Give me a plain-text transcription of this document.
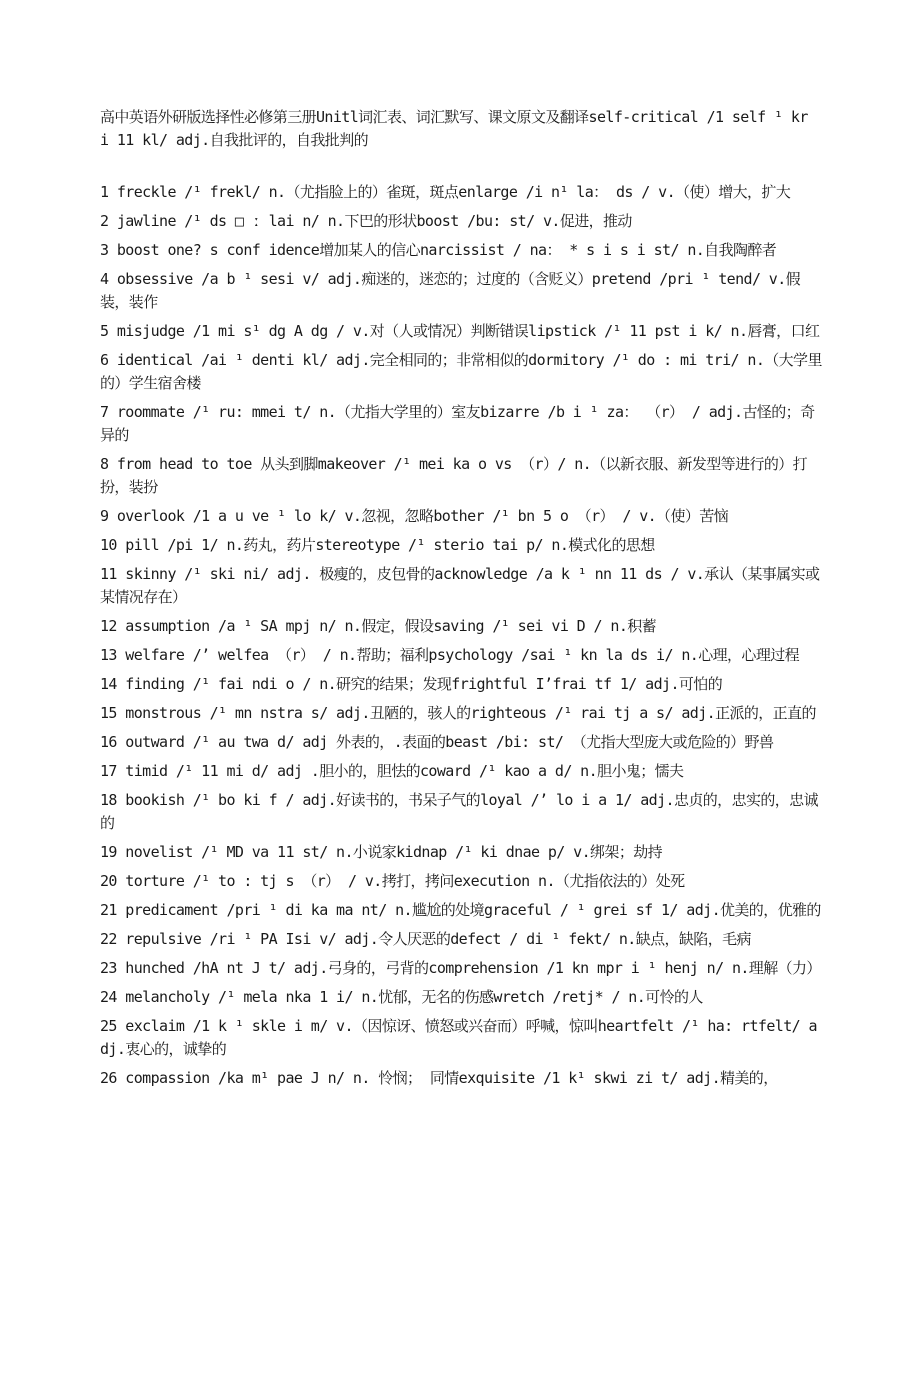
高中英语外研版选择性必修第三册Unitl词汇表、词汇默写、课文原文及翻译self-critical /1 self ¹ kr i 11 kl/ adj.自我批评的，自我批判的

1 freckle /¹ frekl/ n.（尤指脸上的）雀斑，斑点enlarge /i n¹ la： ds / v.（使）增大，扩大

2 jawline /¹ ds □ ː lai n/ n.下巴的形状boost /bu: st/ v.促进，推动

3 boost one? s conf idence增加某人的信心narcissist / na： * s i s i st/ n.自我陶醉者

4 obsessive /a b ¹ sesi v/ adj.痴迷的，迷恋的；过度的（含贬义）pretend /pri ¹ tend/ v.假装，装作

5 misjudge /1 mi s¹ dg A dg / v.对（人或情况）判断错误lipstick /¹ 11 pst i k/ n.唇膏，口红

6 identical /ai ¹ denti kl/ adj.完全相同的；非常相似的dormitory /¹ do : mi tri/ n.（大学里的）学生宿舍楼

7 roommate /¹ ru: mmei t/ n.（尤指大学里的）室友bizarre /b i ¹ za： （r） / adj.古怪的；奇异的

8 from head to toe 从头到脚makeover /¹ mei ka o vs （r）/ n.（以新衣服、新发型等进行的）打扮，装扮

9 overlook /1 a u ve ¹ lo k/ v.忽视，忽略bother /¹ bn 5 o （r） / v.（使）苦恼

10 pill /pi 1/ n.药丸，药片stereotype /¹ sterio tai p/ n.模式化的思想

11 skinny /¹ ski ni/ adj. 极瘦的，皮包骨的acknowledge /a k ¹ nn 11 ds / v.承认（某事属实或某情况存在）

12 assumption /a ¹ SA mpj n/ n.假定，假设saving /¹ sei vi D / n.积蓄

13 welfare /’ welfea （r） / n.帮助；福利psychology /sai ¹ kn la ds i/ n.心理，心理过程

14 finding /¹ fai ndi o / n.研究的结果；发现frightful I’frai tf 1/ adj.可怕的

15 monstrous /¹ mn nstra s/ adj.丑陋的，骇人的righteous /¹ rai tj a s/ adj.正派的，正直的

16 outward /¹ au twa d/ adj 外表的，.表面的beast /bi: st/ （尤指大型庞大或危险的）野兽

17 timid /¹ 11 mi d/ adj .胆小的，胆怯的coward /¹ kao a d/ n.胆小鬼；懦夫

18 bookish /¹ bo ki f / adj.好读书的，书呆子气的loyal /’ lo i a 1/ adj.忠贞的，忠实的，忠诚的

19 novelist /¹ MD va 11 st/ n.小说家kidnap /¹ ki dnae p/ v.绑架；劫持

20 torture /¹ to : tj s （r） / v.拷打，拷问execution n.（尤指依法的）处死

21 predicament /pri ¹ di ka ma nt/ n.尴尬的处境graceful / ¹ grei sf 1/ adj.优美的，优雅的

22 repulsive /ri ¹ PA Isi v/ adj.令人厌恶的defect / di ¹ fekt/ n.缺点，缺陷，毛病

23 hunched /hA nt J t/ adj.弓身的，弓背的comprehension /1 kn mpr i ¹ henj n/ n.理解（力）

24 melancholy /¹ mela nka 1 i/ n.忧郁，无名的伤感wretch /retj* / n.可怜的人

25 exclaim /1 k ¹ skle i m/ v.（因惊讶、愤怒或兴奋而）呼喊，惊叫heartfelt /¹ ha: rtfelt/ adj.衷心的，诚挚的

26 compassion /ka m¹ pae J n/ n. 怜悯； 同情exquisite /1 k¹ skwi zi t/ adj.精美的，
